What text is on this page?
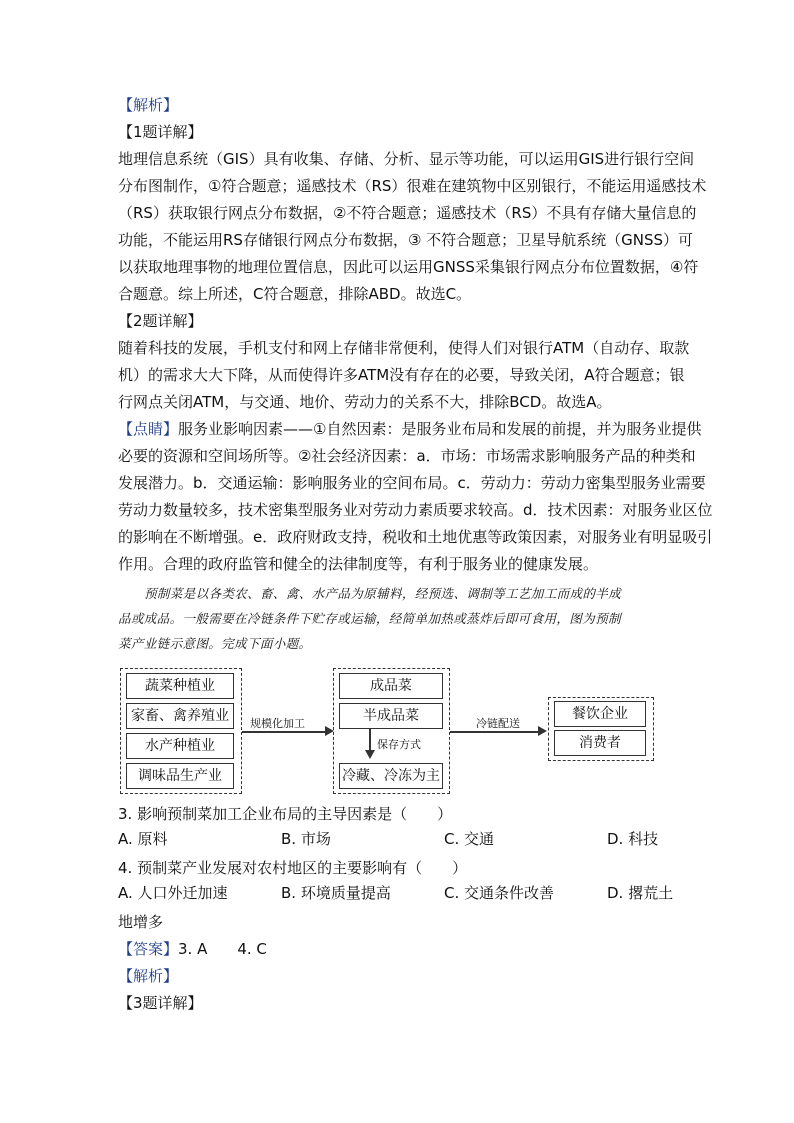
【解析】
【1题详解】
地理信息系统（GIS）具有收集、存储、分析、显示等功能，可以运用GIS进行银行空间
分布图制作，①符合题意；遥感技术（RS）很难在建筑物中区别银行，不能运用遥感技术
（RS）获取银行网点分布数据，②不符合题意；遥感技术（RS）不具有存储大量信息的
功能，不能运用RS存储银行网点分布数据，③ 不符合题意；卫星导航系统（GNSS）可
以获取地理事物的地理位置信息，因此可以运用GNSS采集银行网点分布位置数据，④符
合题意。综上所述，C符合题意，排除ABD。故选C。
【2题详解】
随着科技的发展，手机支付和网上存储非常便利，使得人们对银行ATM（自动存、取款
机）的需求大大下降，从而使得许多ATM没有存在的必要，导致关闭，A符合题意；银
行网点关闭ATM，与交通、地价、劳动力的关系不大，排除BCD。故选A。
【点睛】服务业影响因素——①自然因素：是服务业布局和发展的前提，并为服务业提供
必要的资源和空间场所等。②社会经济因素：a．市场：市场需求影响服务产品的种类和
发展潜力。b．交通运输：影响服务业的空间布局。c．劳动力：劳动力密集型服务业需要
劳动力数量较多，技术密集型服务业对劳动力素质要求较高。d．技术因素：对服务业区位
的影响在不断增强。e．政府财政支持，税收和土地优惠等政策因素，对服务业有明显吸引
作用。合理的政府监管和健全的法律制度等，有利于服务业的健康发展。
预制菜是以各类农、畜、禽、水产品为原辅料，经预选、调制等工艺加工而成的半成
品或成品。一般需要在冷链条件下贮存或运输，经简单加热或蒸炸后即可食用，图为预制
菜产业链示意图。完成下面小题。
蔬菜种植业
家畜、禽养殖业
水产种植业
调味品生产业
规模化加工
成品菜
半成品菜
保存方式
冷藏、冷冻为主
冷链配送
餐饮企业
消费者
3. 影响预制菜加工企业布局的主导因素是（　　）
A. 原料	B. 市场	C. 交通	D. 科技
4. 预制菜产业发展对农村地区的主要影响有（　　）
A. 人口外迁加速	B. 环境质量提高	C. 交通条件改善	D. 撂荒土
地增多
【答案】3. A　　4. C
【解析】
【3题详解】
